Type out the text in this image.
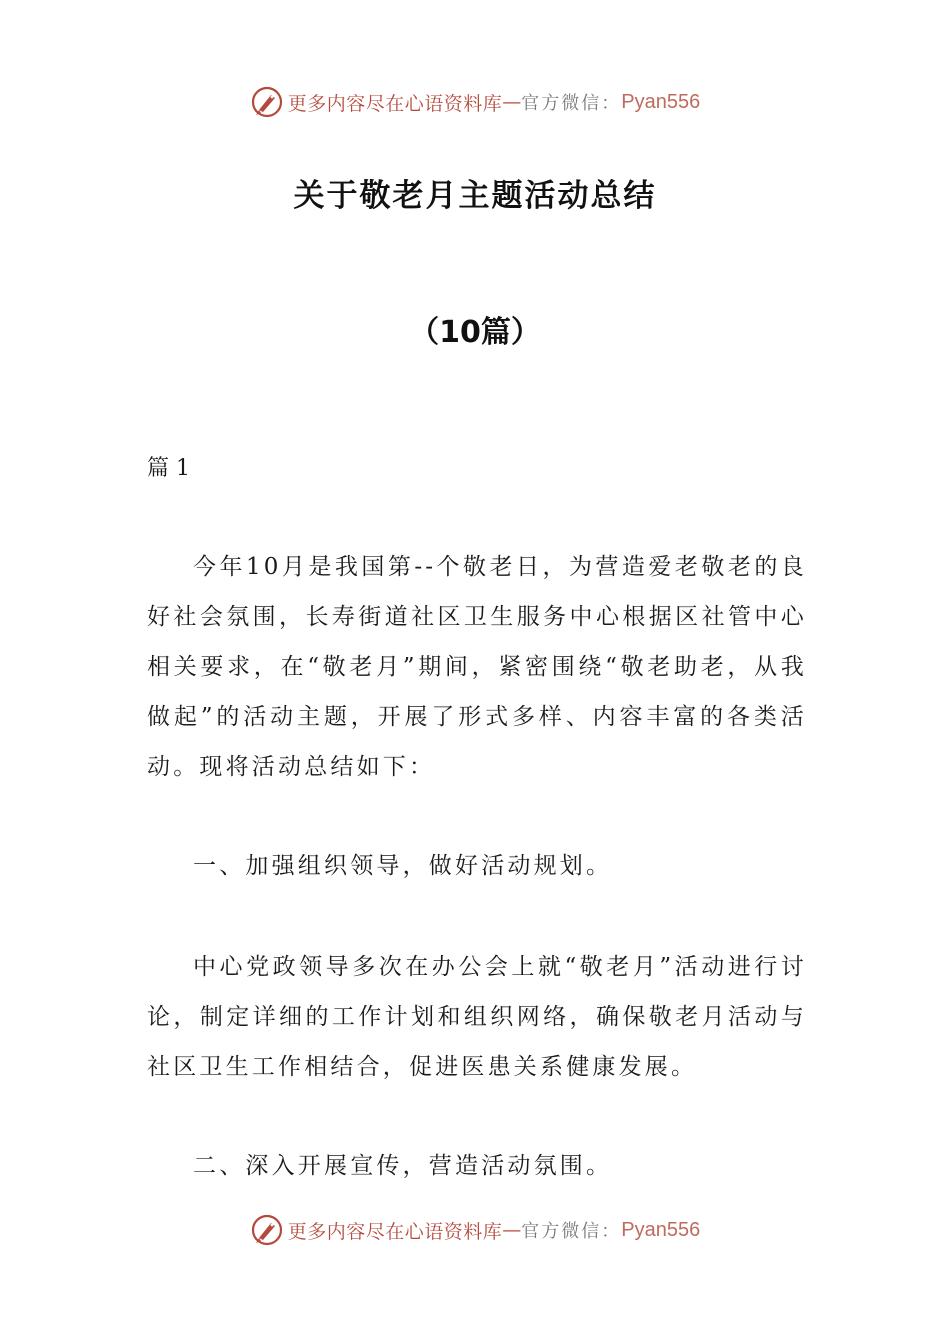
更多内容尽在心语资料库 — 官方微信： Pyan556
关于敬老月主题活动总结
（10篇）
篇 1

今年10月是我国第--个敬老日，为营造爱老敬老的良好社会氛围，长寿街道社区卫生服务中心根据区社管中心相关要求，在“敬老月”期间，紧密围绕“敬老助老，从我做起”的活动主题，开展了形式多样、内容丰富的各类活动。现将活动总结如下：

一、加强组织领导，做好活动规划。

中心党政领导多次在办公会上就“敬老月”活动进行讨论，制定详细的工作计划和组织网络，确保敬老月活动与社区卫生工作相结合，促进医患关系健康发展。

二、深入开展宣传，营造活动氛围。

更多内容尽在心语资料库 — 官方微信： Pyan556
